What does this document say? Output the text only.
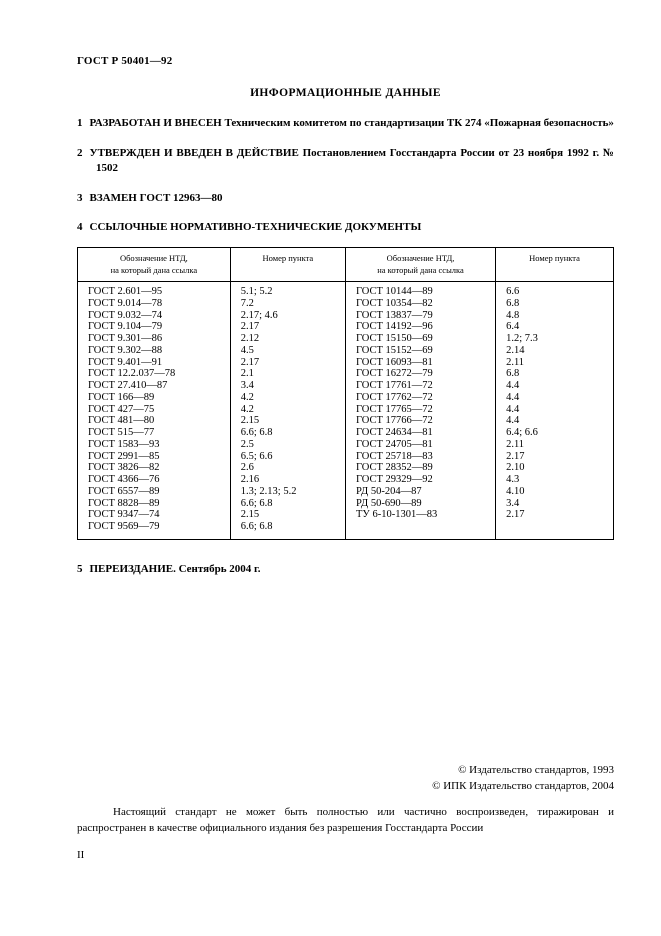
ГОСТ Р 50401—92
ИНФОРМАЦИОННЫЕ ДАННЫЕ

1 РАЗРАБОТАН И ВНЕСЕН Техническим комитетом по стандартизации ТК 274 «Пожарная безопасность»

2 УТВЕРЖДЕН И ВВЕДЕН В ДЕЙСТВИЕ Постановлением Госстандарта России от 23 ноября 1992 г. № 1502

3 ВЗАМЕН ГОСТ 12963—80

4 ССЫЛОЧНЫЕ НОРМАТИВНО-ТЕХНИЧЕСКИЕ ДОКУМЕНТЫ

Обозначение НТД,
на который дана ссылка	Номер пункта	Обозначение НТД,
на который дана ссылка	Номер пункта
ГОСТ 2.601—95	5.1; 5.2	ГОСТ 10144—89	6.6
ГОСТ 9.014—78	7.2	ГОСТ 10354—82	6.8
ГОСТ 9.032—74	2.17; 4.6	ГОСТ 13837—79	4.8
ГОСТ 9.104—79	2.17	ГОСТ 14192—96	6.4
ГОСТ 9.301—86	2.12	ГОСТ 15150—69	1.2; 7.3
ГОСТ 9.302—88	4.5	ГОСТ 15152—69	2.14
ГОСТ 9.401—91	2.17	ГОСТ 16093—81	2.11
ГОСТ 12.2.037—78	2.1	ГОСТ 16272—79	6.8
ГОСТ 27.410—87	3.4	ГОСТ 17761—72	4.4
ГОСТ 166—89	4.2	ГОСТ 17762—72	4.4
ГОСТ 427—75	4.2	ГОСТ 17765—72	4.4
ГОСТ 481—80	2.15	ГОСТ 17766—72	4.4
ГОСТ 515—77	6.6; 6.8	ГОСТ 24634—81	6.4; 6.6
ГОСТ 1583—93	2.5	ГОСТ 24705—81	2.11
ГОСТ 2991—85	6.5; 6.6	ГОСТ 25718—83	2.17
ГОСТ 3826—82	2.6	ГОСТ 28352—89	2.10
ГОСТ 4366—76	2.16	ГОСТ 29329—92	4.3
ГОСТ 6557—89	1.3; 2.13; 5.2	РД 50-204—87	4.10
ГОСТ 8828—89	6.6; 6.8	РД 50-690—89	3.4
ГОСТ 9347—74	2.15	ТУ 6-10-1301—83	2.17
ГОСТ 9569—79	6.6; 6.8		

5 ПЕРЕИЗДАНИЕ. Сентябрь 2004 г.

© Издательство стандартов, 1993
© ИПК Издательство стандартов, 2004

Настоящий стандарт не может быть полностью или частично воспроизведен, тиражирован и распространен в качестве официального издания без разрешения Госстандарта России

II
